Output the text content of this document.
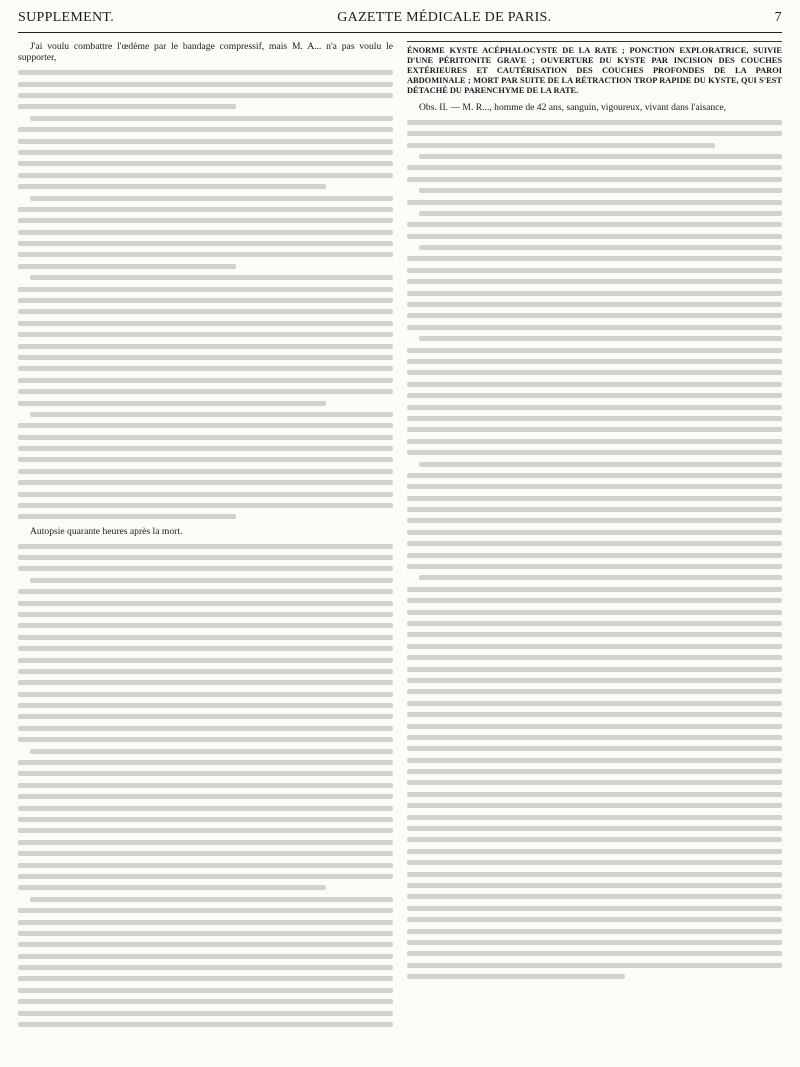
SUPPLEMENT.	GAZETTE MÉDICALE DE PARIS.	7

J'ai voulu combattre l'œdème par le bandage compressif, mais M. A... n'a pas voulu le supporter,

Autopsie quarante heures après la mort.

ÉNORME KYSTE ACÉPHALOCYSTE DE LA RATE ; PONCTION EXPLORATRICE, SUIVIE D'UNE PÉRITONITE GRAVE ; OUVERTURE DU KYSTE PAR INCISION DES COUCHES EXTÉRIEURES ET CAUTÉRISATION DES COUCHES PROFONDES DE LA PAROI ABDOMINALE ; MORT PAR SUITE DE LA RÉTRACTION TROP RAPIDE DU KYSTE, QUI S'EST DÉTACHÉ DU PARENCHYME DE LA RATE.

Obs. II. — M. R..., homme de 42 ans, sanguin, vigoureux, vivant dans l'aisance,
